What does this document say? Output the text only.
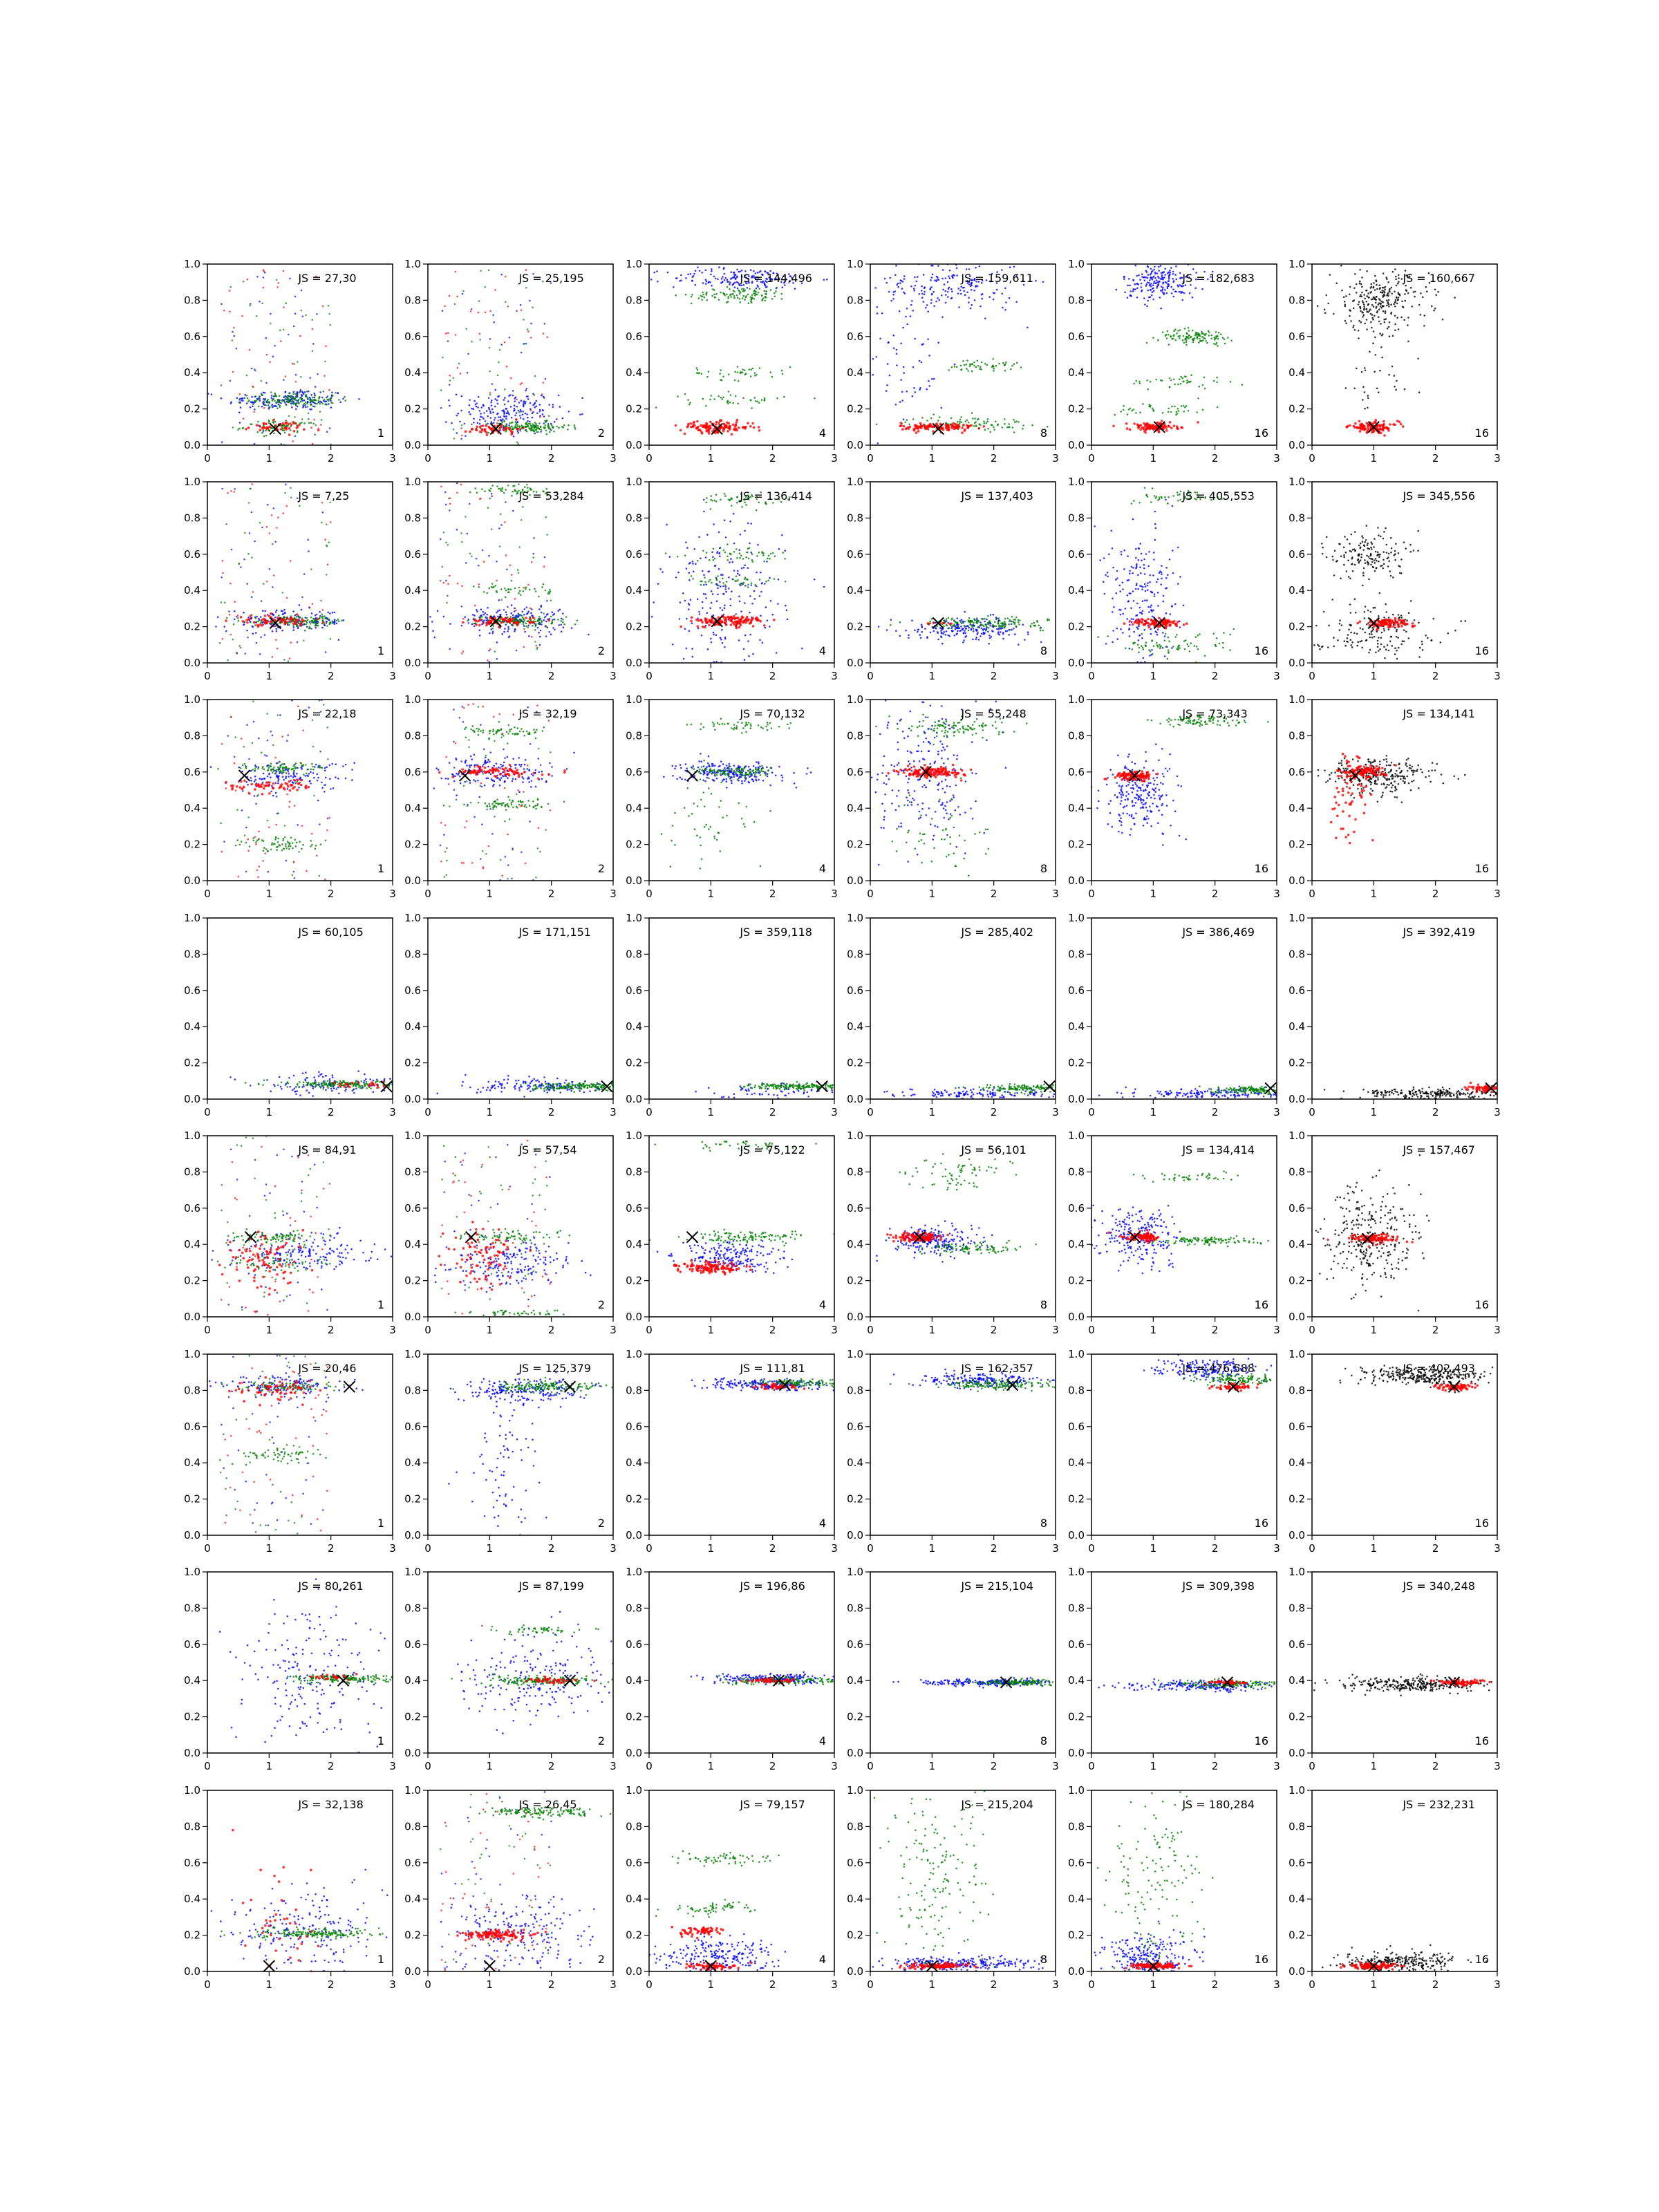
0	1	2	3
0.0
0.2
0.4
0.6
0.8
1.0
JS = 27,30
1
0	1	2	3
0.0
0.2
0.4
0.6
0.8
1.0
JS = 25,195
2
0	1	2	3
0.0
0.2
0.4
0.6
0.8
1.0
JS = 144,496
4
0	1	2	3
0.0
0.2
0.4
0.6
0.8
1.0
JS = 159,611
8
0	1	2	3
0.0
0.2
0.4
0.6
0.8
1.0
JS = 182,683
16
0	1	2	3
0.0
0.2
0.4
0.6
0.8
1.0
JS = 160,667
16
0	1	2	3
0.0
0.2
0.4
0.6
0.8
1.0
JS = 7,25
1
0	1	2	3
0.0
0.2
0.4
0.6
0.8
1.0
JS = 53,284
2
0	1	2	3
0.0
0.2
0.4
0.6
0.8
1.0
JS = 136,414
4
0	1	2	3
0.0
0.2
0.4
0.6
0.8
1.0
JS = 137,403
8
0	1	2	3
0.0
0.2
0.4
0.6
0.8
1.0
JS = 405,553
16
0	1	2	3
0.0
0.2
0.4
0.6
0.8
1.0
JS = 345,556
16
0	1	2	3
0.0
0.2
0.4
0.6
0.8
1.0
JS = 22,18
1
0	1	2	3
0.0
0.2
0.4
0.6
0.8
1.0
JS = 32,19
2
0	1	2	3
0.0
0.2
0.4
0.6
0.8
1.0
JS = 70,132
4
0	1	2	3
0.0
0.2
0.4
0.6
0.8
1.0
JS = 55,248
8
0	1	2	3
0.0
0.2
0.4
0.6
0.8
1.0
JS = 73,343
16
0	1	2	3
0.0
0.2
0.4
0.6
0.8
1.0
JS = 134,141
16
0	1	2	3
0.0
0.2
0.4
0.6
0.8
1.0
JS = 60,105
0	1	2	3
0.0
0.2
0.4
0.6
0.8
1.0
JS = 171,151
0	1	2	3
0.0
0.2
0.4
0.6
0.8
1.0
JS = 359,118
0	1	2	3
0.0
0.2
0.4
0.6
0.8
1.0
JS = 285,402
0	1	2	3
0.0
0.2
0.4
0.6
0.8
1.0
JS = 386,469
0	1	2	3
0.0
0.2
0.4
0.6
0.8
1.0
JS = 392,419
0	1	2	3
0.0
0.2
0.4
0.6
0.8
1.0
JS = 84,91
1
0	1	2	3
0.0
0.2
0.4
0.6
0.8
1.0
JS = 57,54
2
0	1	2	3
0.0
0.2
0.4
0.6
0.8
1.0
JS = 75,122
4
0	1	2	3
0.0
0.2
0.4
0.6
0.8
1.0
JS = 56,101
8
0	1	2	3
0.0
0.2
0.4
0.6
0.8
1.0
JS = 134,414
16
0	1	2	3
0.0
0.2
0.4
0.6
0.8
1.0
JS = 157,467
16
0	1	2	3
0.0
0.2
0.4
0.6
0.8
1.0
JS = 20,46
1
0	1	2	3
0.0
0.2
0.4
0.6
0.8
1.0
JS = 125,379
2
0	1	2	3
0.0
0.2
0.4
0.6
0.8
1.0
JS = 111,81
4
0	1	2	3
0.0
0.2
0.4
0.6
0.8
1.0
JS = 162,357
8
0	1	2	3
0.0
0.2
0.4
0.6
0.8
1.0
JS = 476,588
16
0	1	2	3
0.0
0.2
0.4
0.6
0.8
1.0
JS = 402,493
16
0	1	2	3
0.0
0.2
0.4
0.6
0.8
1.0
JS = 80,261
1
0	1	2	3
0.0
0.2
0.4
0.6
0.8
1.0
JS = 87,199
2
0	1	2	3
0.0
0.2
0.4
0.6
0.8
1.0
JS = 196,86
4
0	1	2	3
0.0
0.2
0.4
0.6
0.8
1.0
JS = 215,104
8
0	1	2	3
0.0
0.2
0.4
0.6
0.8
1.0
JS = 309,398
16
0	1	2	3
0.0
0.2
0.4
0.6
0.8
1.0
JS = 340,248
16
0	1	2	3
0.0
0.2
0.4
0.6
0.8
1.0
JS = 32,138
1
0	1	2	3
0.0
0.2
0.4
0.6
0.8
1.0
JS = 26,45
2
0	1	2	3
0.0
0.2
0.4
0.6
0.8
1.0
JS = 79,157
4
0	1	2	3
0.0
0.2
0.4
0.6
0.8
1.0
JS = 215,204
8
0	1	2	3
0.0
0.2
0.4
0.6
0.8
1.0
JS = 180,284
16
0	1	2	3
0.0
0.2
0.4
0.6
0.8
1.0
JS = 232,231
16
